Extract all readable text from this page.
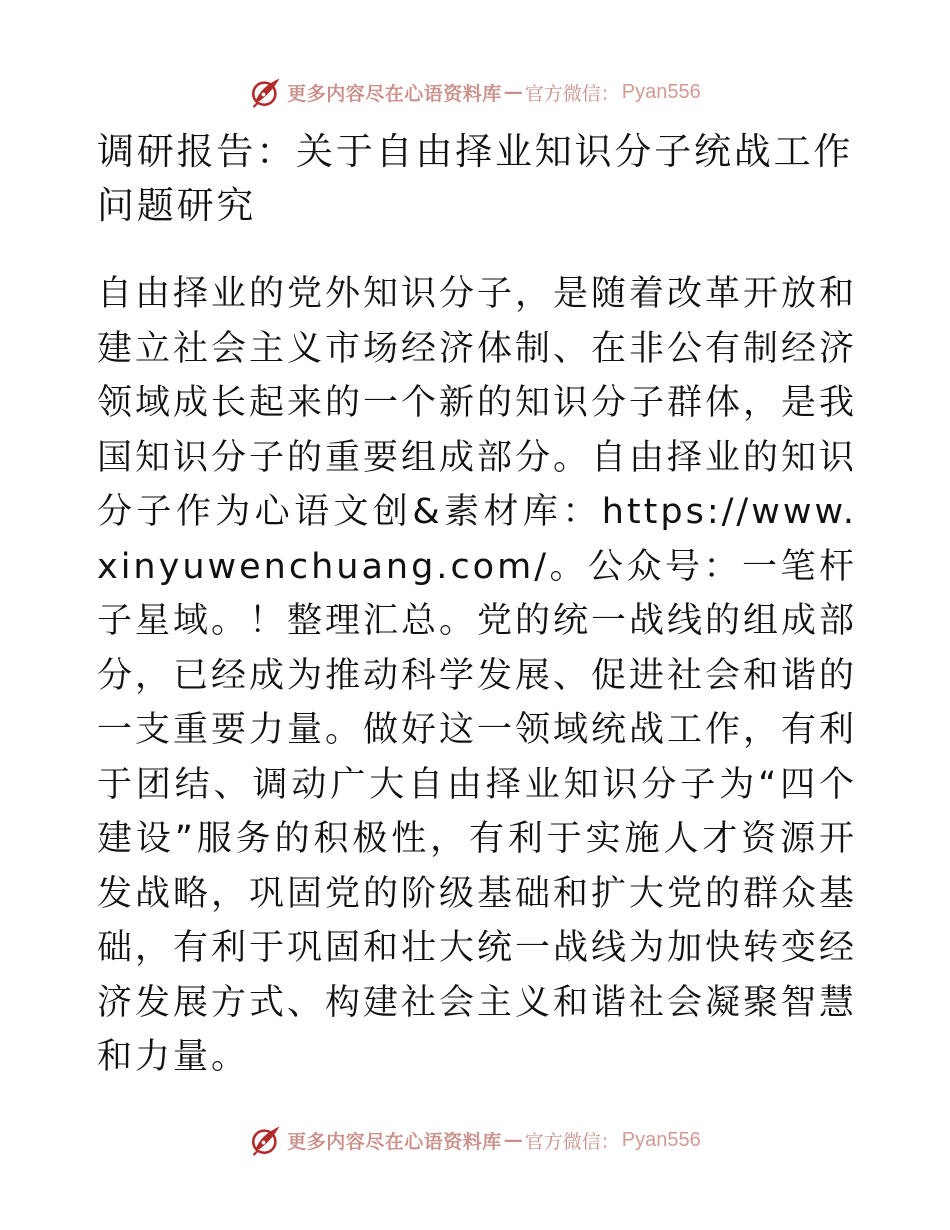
更多内容尽在心语资料库 — 官方微信： Pyan556
调研报告：关于自由择业知识分子统战工作问题研究

自由择业的党外知识分子，是随着改革开放和建立社会主义市场经济体制、在非公有制经济领域成长起来的一个新的知识分子群体，是我国知识分子的重要组成部分。自由择业的知识分子作为心语文创&素材库：https://www.xinyuwenchuang.com/。公众号：一笔杆子星域。！整理汇总。党的统一战线的组成部分，已经成为推动科学发展、促进社会和谐的一支重要力量。做好这一领域统战工作，有利于团结、调动广大自由择业知识分子为“四个建设”服务的积极性，有利于实施人才资源开发战略，巩固党的阶级基础和扩大党的群众基础，有利于巩固和壮大统一战线为加快转变经济发展方式、构建社会主义和谐社会凝聚智慧和力量。

更多内容尽在心语资料库 — 官方微信： Pyan556
